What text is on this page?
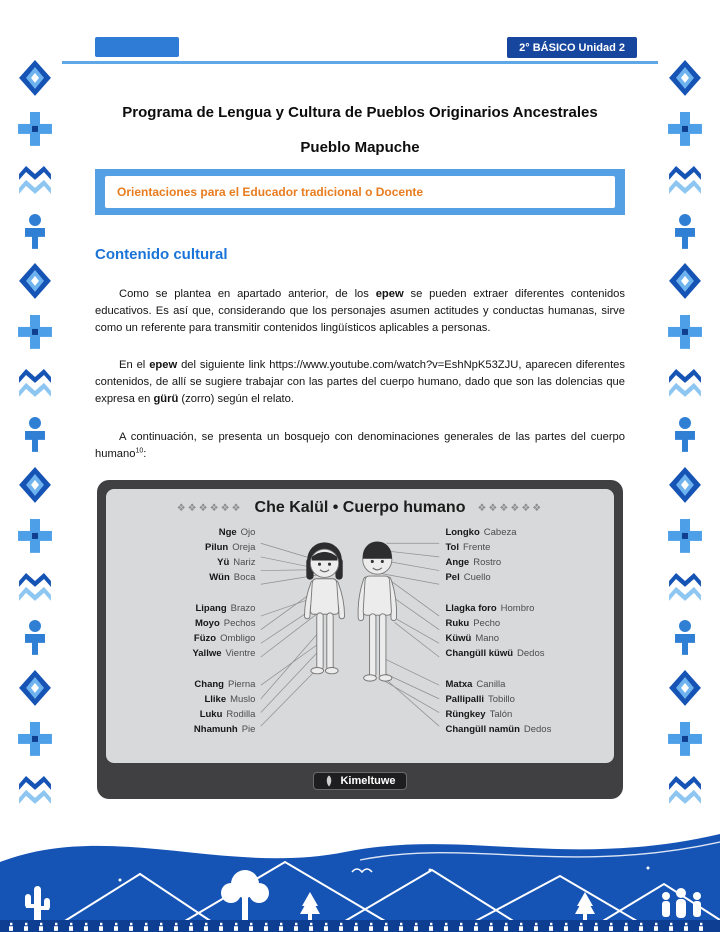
2° BÁSICO Unidad 2
Programa de Lengua y Cultura de Pueblos Originarios Ancestrales
Pueblo Mapuche
Orientaciones para el Educador tradicional o Docente
Contenido cultural

Como se plantea en apartado anterior, de los epew se pueden extraer diferentes contenidos educativos. Es así que, considerando que los personajes asumen actitudes y conductas humanas, sirve como un referente para transmitir contenidos lingüísticos aplicables a personas.

En el epew del siguiente link https://www.youtube.com/watch?v=EshNpK53ZJU, aparecen diferentes contenidos, de allí se sugiere trabajar con las partes del cuerpo humano, dado que son las dolencias que expresa en gürü (zorro) según el relato.

A continuación, se presenta un bosquejo con denominaciones generales de las partes del cuerpo humano$^{10}$:

❖❖❖❖❖❖ Che Kalül • Cuerpo humano ❖❖❖❖❖❖
Nge Ojo
Pilun Oreja
Yü Nariz
Wün Boca
Lipang Brazo
Moyo Pechos
Füzo Ombligo
Yallwe Vientre
Chang Pierna
Llike Muslo
Luku Rodilla
Nhamunh Pie
Longko Cabeza
Tol Frente
Ange Rostro
Pel Cuello
Llagka foro Hombro
Ruku Pecho
Küwü Mano
Changüll küwü Dedos
Matxa Canilla
Pallipalli Tobillo
Rüngkey Talón
Changüll namün Dedos
Kimeltuwe
